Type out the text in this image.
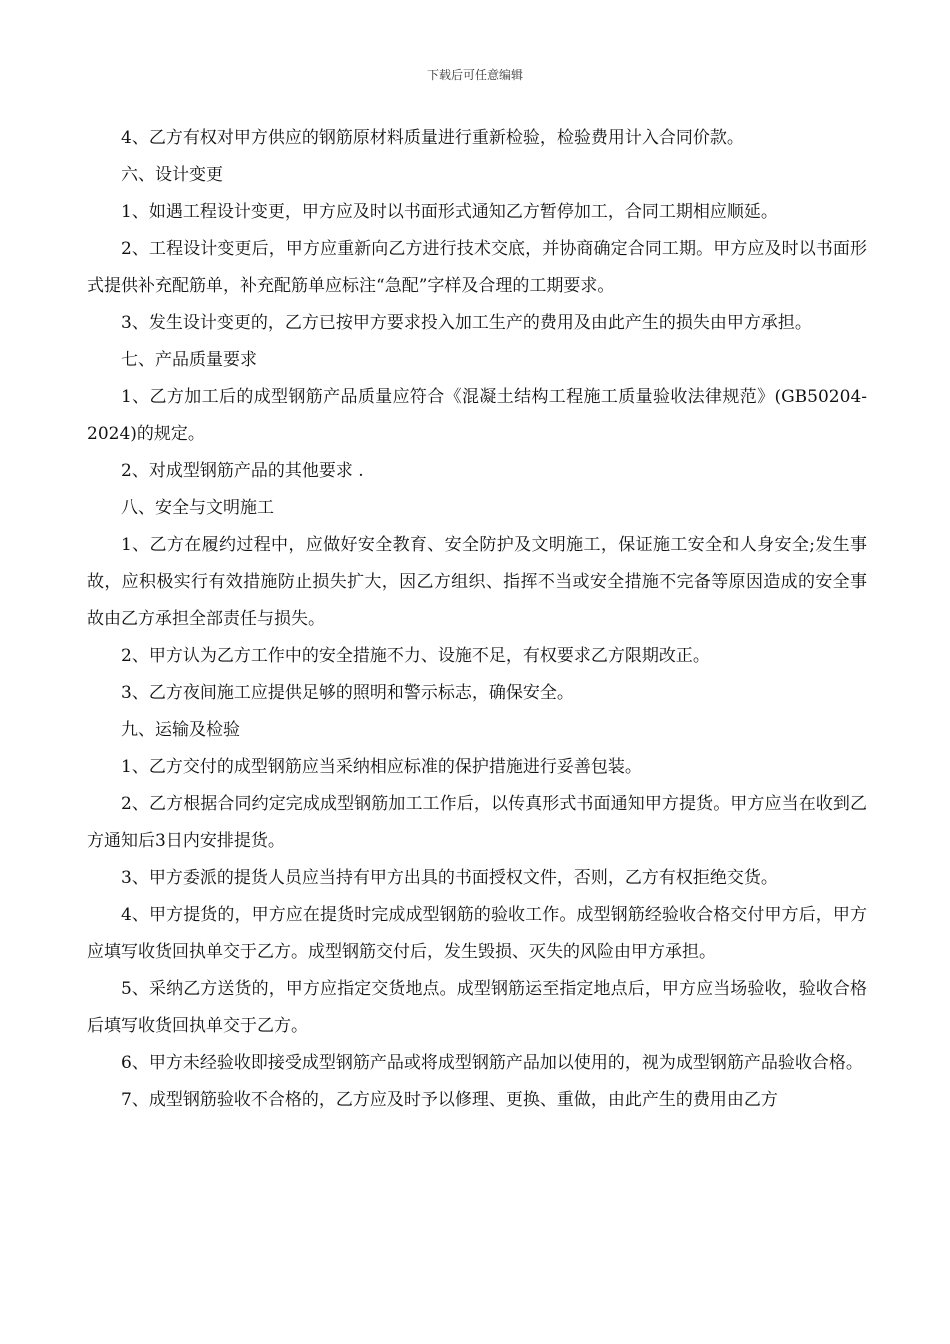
下载后可任意编辑

4、乙方有权对甲方供应的钢筋原材料质量进行重新检验，检验费用计入合同价款。

六、设计变更

1、如遇工程设计变更，甲方应及时以书面形式通知乙方暂停加工，合同工期相应顺延。

2、工程设计变更后，甲方应重新向乙方进行技术交底，并协商确定合同工期。甲方应及时以书面形式提供补充配筋单，补充配筋单应标注“急配”字样及合理的工期要求。

3、发生设计变更的，乙方已按甲方要求投入加工生产的费用及由此产生的损失由甲方承担。

七、产品质量要求

1、乙方加工后的成型钢筋产品质量应符合《混凝土结构工程施工质量验收法律规范》(GB50204-2024)的规定。

2、对成型钢筋产品的其他要求 .

八、安全与文明施工

1、乙方在履约过程中，应做好安全教育、安全防护及文明施工，保证施工安全和人身安全;发生事故，应积极实行有效措施防止损失扩大，因乙方组织、指挥不当或安全措施不完备等原因造成的安全事故由乙方承担全部责任与损失。

2、甲方认为乙方工作中的安全措施不力、设施不足，有权要求乙方限期改正。

3、乙方夜间施工应提供足够的照明和警示标志，确保安全。

九、运输及检验

1、乙方交付的成型钢筋应当采纳相应标准的保护措施进行妥善包装。

2、乙方根据合同约定完成成型钢筋加工工作后，以传真形式书面通知甲方提货。甲方应当在收到乙方通知后3日内安排提货。

3、甲方委派的提货人员应当持有甲方出具的书面授权文件，否则，乙方有权拒绝交货。

4、甲方提货的，甲方应在提货时完成成型钢筋的验收工作。成型钢筋经验收合格交付甲方后，甲方应填写收货回执单交于乙方。成型钢筋交付后，发生毁损、灭失的风险由甲方承担。

5、采纳乙方送货的，甲方应指定交货地点。成型钢筋运至指定地点后，甲方应当场验收，验收合格后填写收货回执单交于乙方。

6、甲方未经验收即接受成型钢筋产品或将成型钢筋产品加以使用的，视为成型钢筋产品验收合格。

7、成型钢筋验收不合格的，乙方应及时予以修理、更换、重做，由此产生的费用由乙方
